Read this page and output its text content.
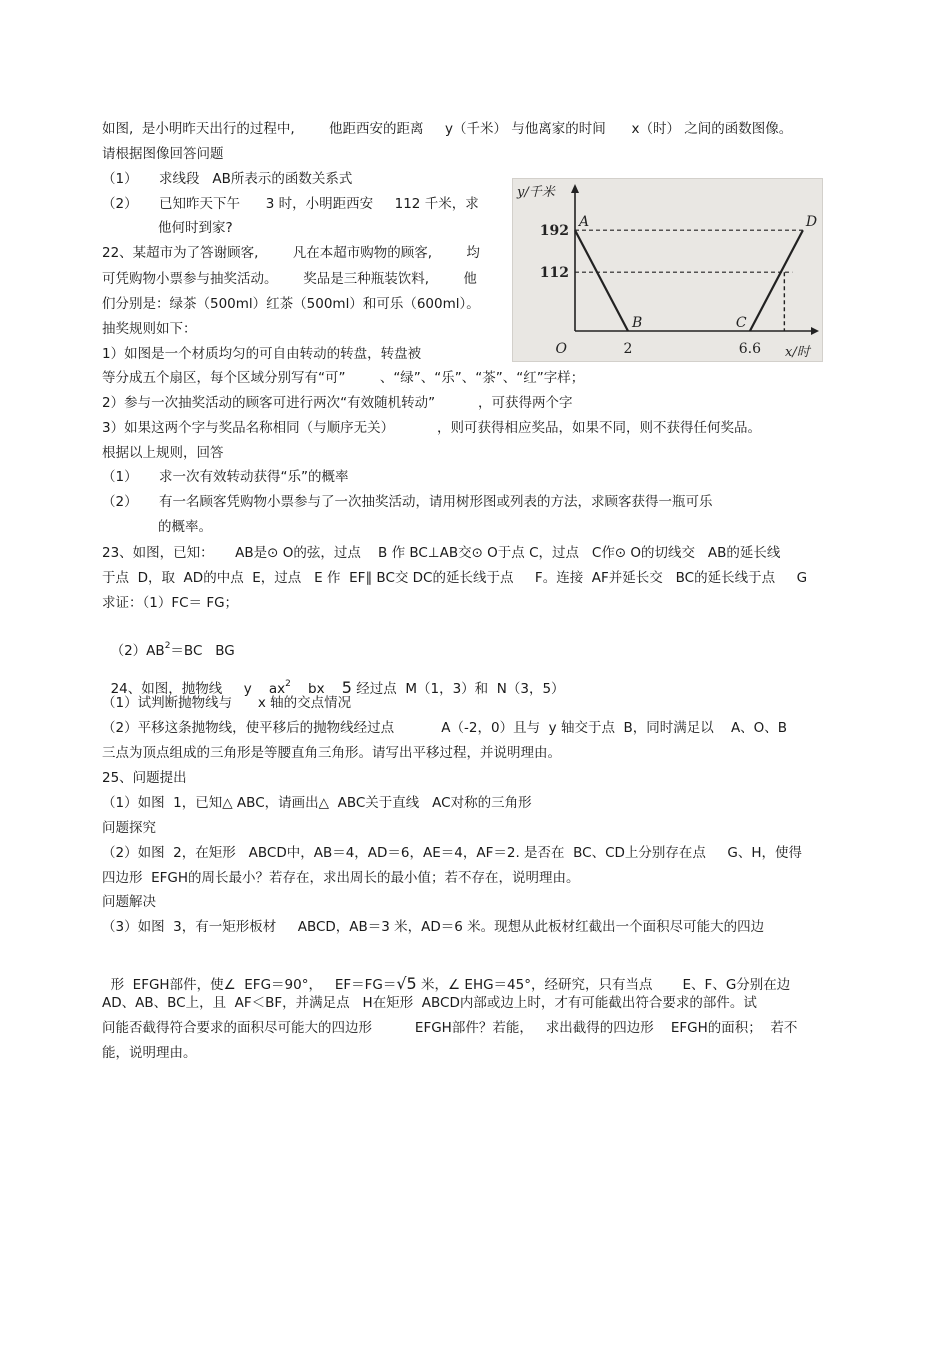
如图,  是小明昨天出行的过程中,        他距西安的距离     y（千米） 与他离家的时间      x（时） 之间的函数图像。
请根据图像回答问题
（1）     求线段   AB所表示的函数关系式
（2）     已知昨天下午      3 时，小明距西安     112 千米，求
他何时到家?
22、某超市为了答谢顾客,        凡在本超市购物的顾客,        均
可凭购物小票参与抽奖活动。      奖品是三种瓶装饮料,        他
们分别是：绿茶（500ml）红茶（500ml）和可乐（600ml）。
抽奖规则如下：
1）如图是一个材质均匀的可自由转动的转盘，转盘被
等分成五个扇区，每个区域分别写有“可”        、“绿”、“乐”、“茶”、“红”字样；
2）参与一次抽奖活动的顾客可进行两次“有效随机转动”          ，可获得两个字
3）如果这两个字与奖品名称相同（与顺序无关）          ，则可获得相应奖品，如果不同，则不获得任何奖品。
根据以上规则，回答
（1）     求一次有效转动获得“乐”的概率
（2）     有一名顾客凭购物小票参与了一次抽奖活动，请用树形图或列表的方法，求顾客获得一瓶可乐
的概率。
23、如图，已知：     AB是⊙ O的弦，过点    B 作 BC⊥AB交⊙ O于点 C，过点   C作⊙ O的切线交   AB的延长线
于点  D，取  AD的中点  E，过点   E 作  EF∥ BC交 DC的延长线于点     F。连接  AF并延长交   BC的延长线于点     G
求证：（1）FC＝ FG；

$(2)AB^2=BC$   BG

24、如图，抛物线     y    $ax^2$    bx    5 经过点  M（1，3）和  N（3，5）

（1）试判断抛物线与      x 轴的交点情况
（2）平移这条抛物线，使平移后的抛物线经过点           A（-2，0）且与  y 轴交于点  B，同时满足以    A、O、B
三点为顶点组成的三角形是等腰直角三角形。请写出平移过程，并说明理由。
25、问题提出
（1）如图  1，已知△ ABC，请画出△  ABC关于直线   AC对称的三角形
问题探究
（2）如图  2，在矩形   ABCD中，AB＝4，AD＝6，AE＝4，AF＝2. 是否在  BC、CD上分别存在点     G、H，使得
四边形  EFGH的周长最小？若存在，求出周长的最小值；若不存在，说明理由。
问题解决
（3）如图  3，有一矩形板材     ABCD，AB＝3 米，AD＝6 米。现想从此板材红截出一个面积尽可能大的四边

形  EFGH部件，使∠  EFG＝90°，   EF＝FG＝√5 米，∠ EHG＝45°，经研究，只有当点       E、F、G分别在边

AD、AB、BC上，且  AF＜BF，并满足点   H在矩形  ABCD内部或边上时，才有可能截出符合要求的部件。试
问能否截得符合要求的面积尽可能大的四边形          EFGH部件？若能，   求出截得的四边形    EFGH的面积；  若不
能，说明理由。
y/千米
x/时
O
192
112
2	6.6
A
B	C
D
